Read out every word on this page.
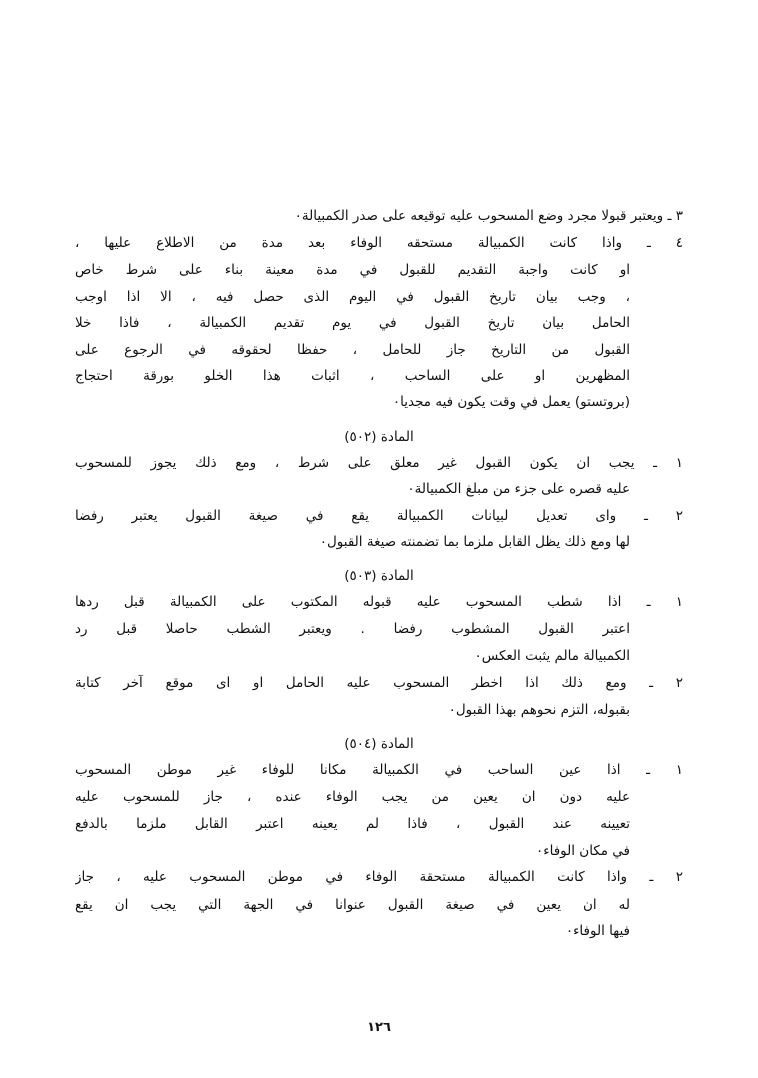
٣ ـ ويعتبر قبولا مجرد وضع المسحوب عليه توقيعه على صدر الكمبيالة٠
٤ ـ واذا كانت الكمبيالة مستحقه الوفاء بعد مدة من الاطلاع عليها ،
او كانت واجبة التقديم للقبول في مدة معينة بناء على شرط خاص
، وجب بيان تاريخ القبول في اليوم الذى حصل فيه ، الا اذا اوجب
الحامل بيان تاريخ القبول في يوم تقديم الكمبيالة ، فاذا خلا
القبول من التاريخ جاز للحامل ، حفظا لحقوقه في الرجوع على
المظهرين او على الساحب ، اثبات هذا الخلو بورقة احتجاج
(بروتستو) يعمل في وقت يكون فيه مجديا٠
المادة (٥٠٢)
١ ـ يجب ان يكون القبول غير معلق على شرط ، ومع ذلك يجوز للمسحوب
عليه قصره على جزء من مبلغ الكمبيالة٠
٢ ـ واى تعديل لبيانات الكمبيالة يقع في صيغة القبول يعتبر رفضا
لها ومع ذلك يظل القابل ملزما بما تضمنته صيغة القبول٠
المادة (٥٠٣)
١ ـ اذا شطب المسحوب عليه قبوله المكتوب على الكمبيالة قبل ردها
اعتبر القبول المشطوب رفضا . ويعتبر الشطب حاصلا قبل رد
الكمبيالة مالم يثبت العكس٠
٢ ـ ومع ذلك اذا اخطر المسحوب عليه الحامل او اى موقع آخر كتابة
بقبوله، التزم نحوهم بهذا القبول٠
المادة (٥٠٤)
١ ـ اذا عين الساحب في الكمبيالة مكانا للوفاء غير موطن المسحوب
عليه دون ان يعين من يجب الوفاء عنده ، جاز للمسحوب عليه
تعيينه عند القبول ، فاذا لم يعينه اعتبر القابل ملزما بالدفع
في مكان الوفاء٠
٢ ـ واذا كانت الكمبيالة مستحقة الوفاء في موطن المسحوب عليه ، جاز
له ان يعين في صيغة القبول عنوانا في الجهة التي يجب ان يقع
فيها الوفاء٠
١٢٦
